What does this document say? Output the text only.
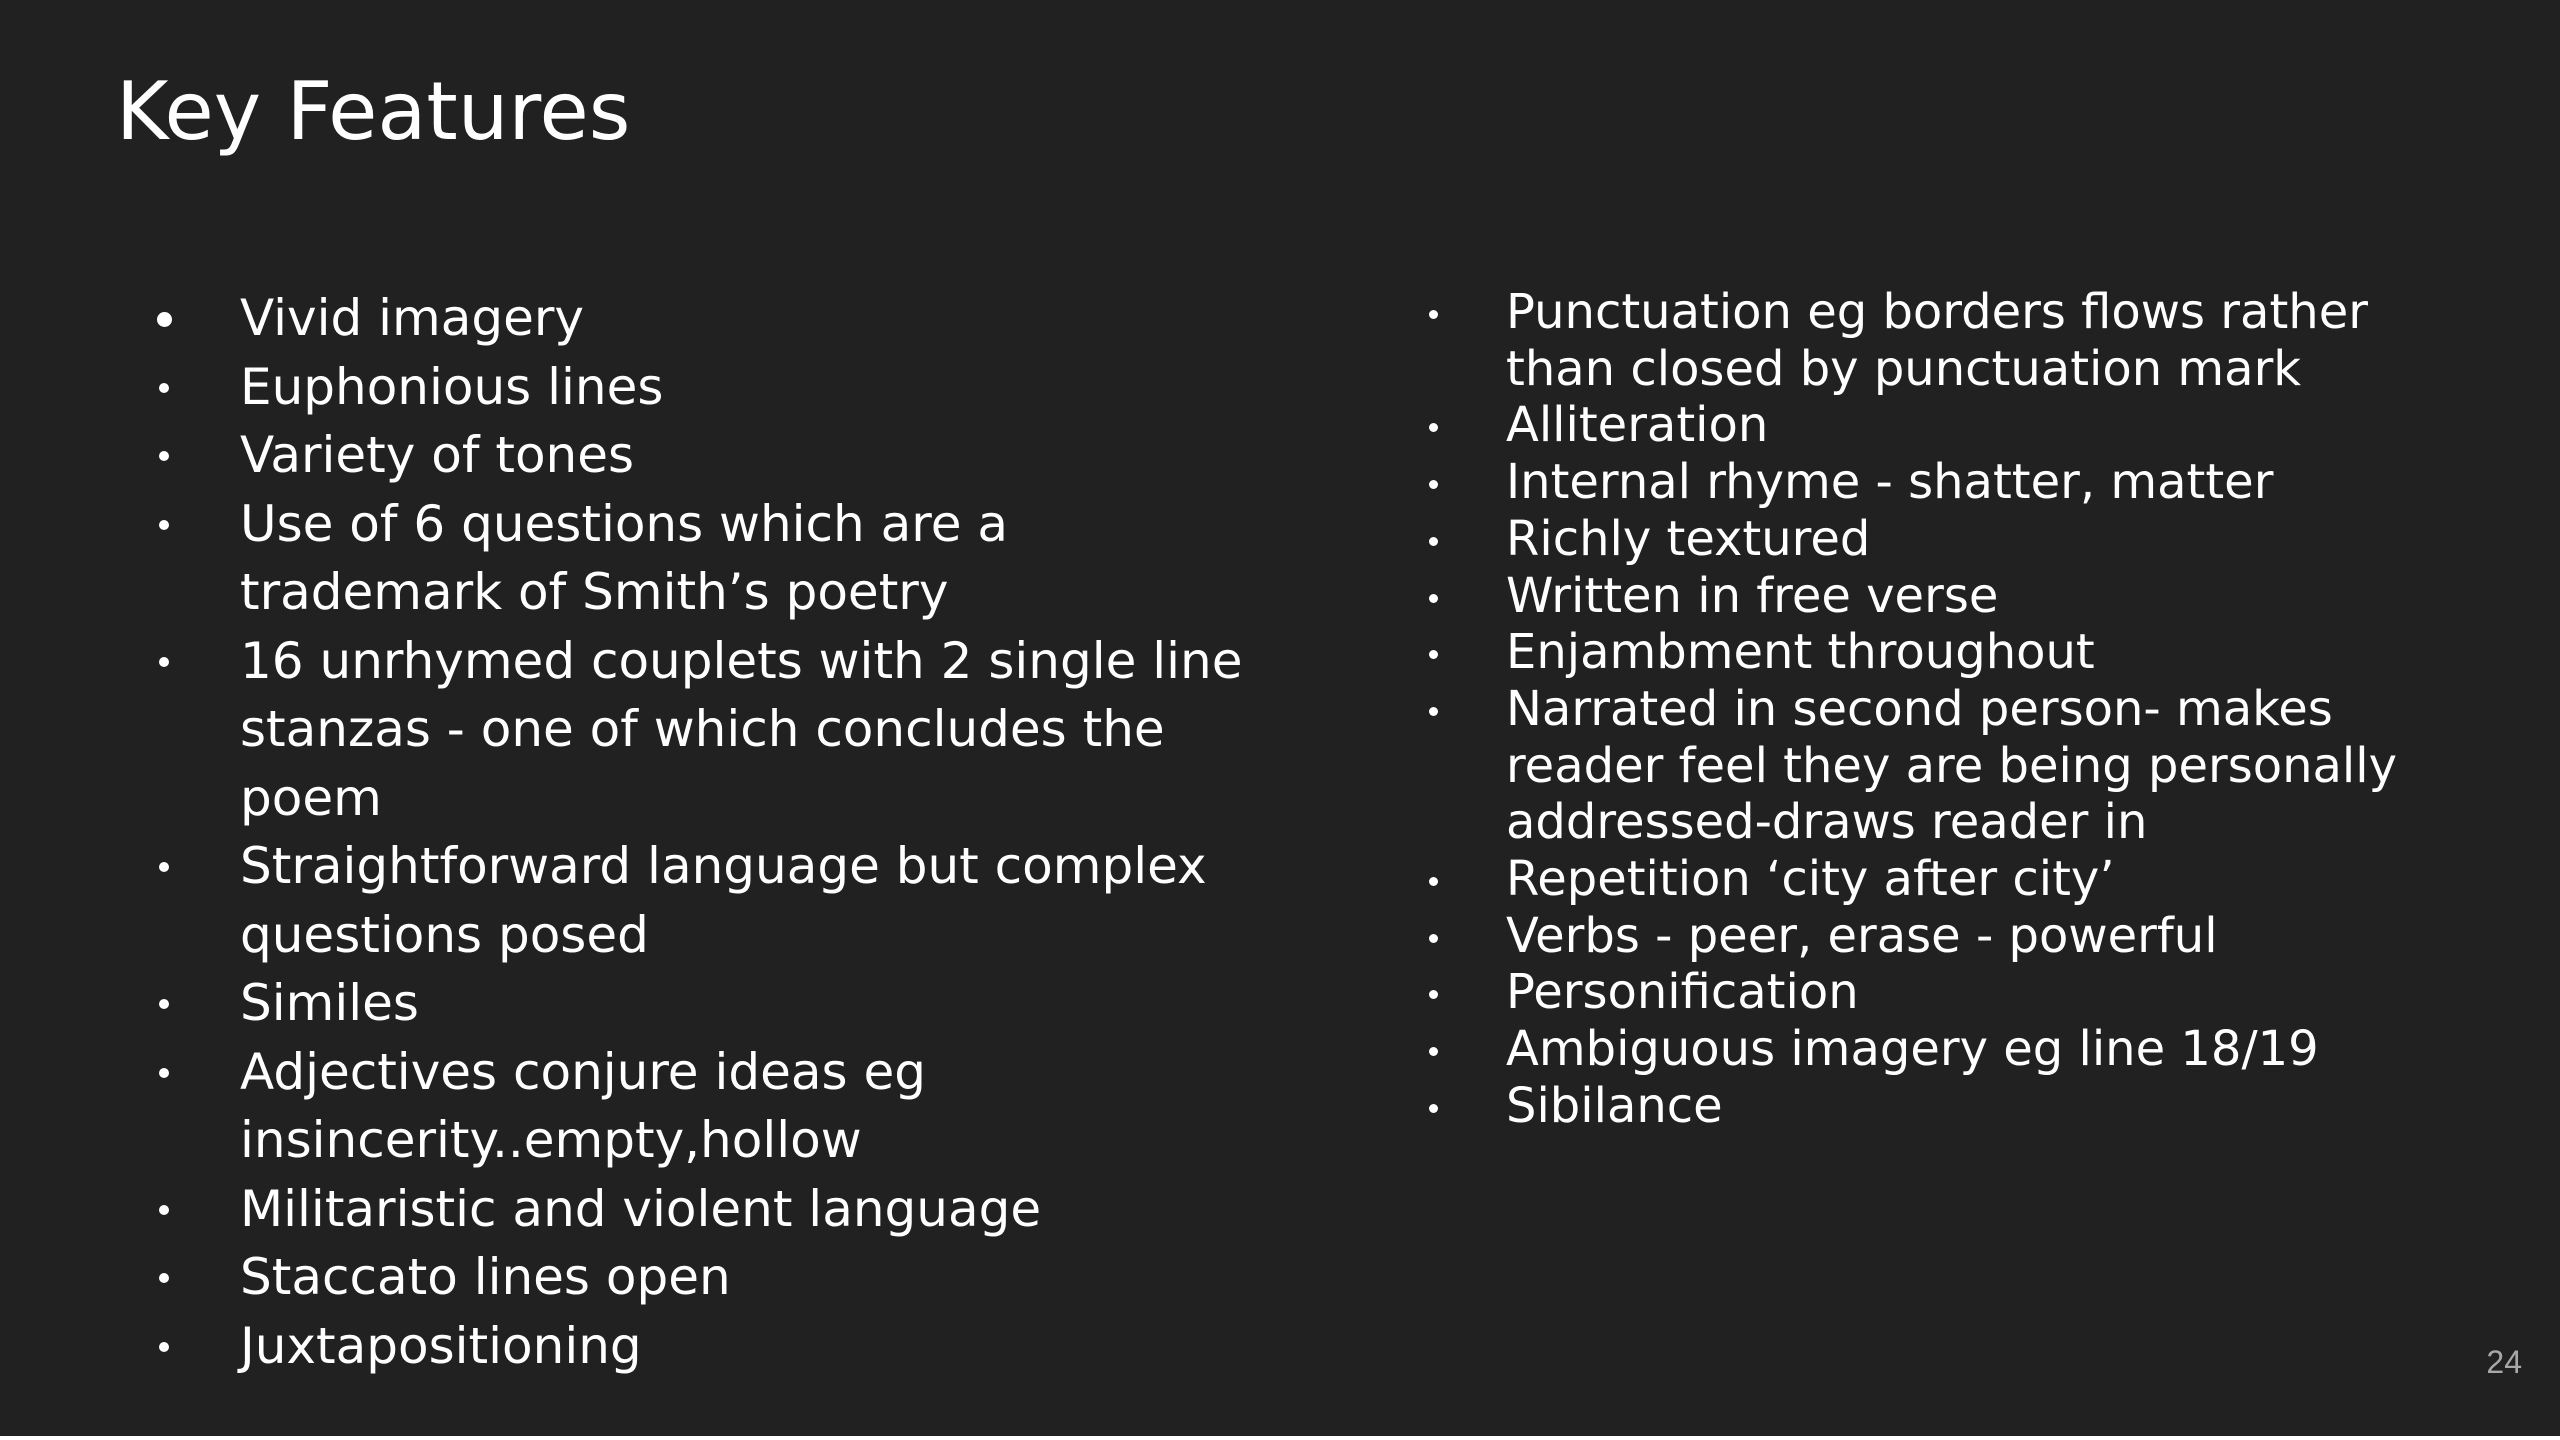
Key Features
Vivid imagery
Euphonious lines
Variety of tones
Use of 6 questions which are a
trademark of Smith’s poetry
16 unrhymed couplets with 2 single line
stanzas - one of which concludes the
poem
Straightforward language but complex
questions posed
Similes
Adjectives conjure ideas eg
insincerity..empty,hollow
Militaristic and violent language
Staccato lines open
Juxtapositioning
Punctuation eg borders flows rather
than closed by punctuation mark
Alliteration
Internal rhyme - shatter, matter
Richly textured
Written in free verse
Enjambment throughout
Narrated in second person- makes
reader feel they are being personally
addressed-draws reader in
Repetition ‘city after city’
Verbs - peer, erase - powerful
Personification
Ambiguous imagery eg line 18/19
Sibilance
24
